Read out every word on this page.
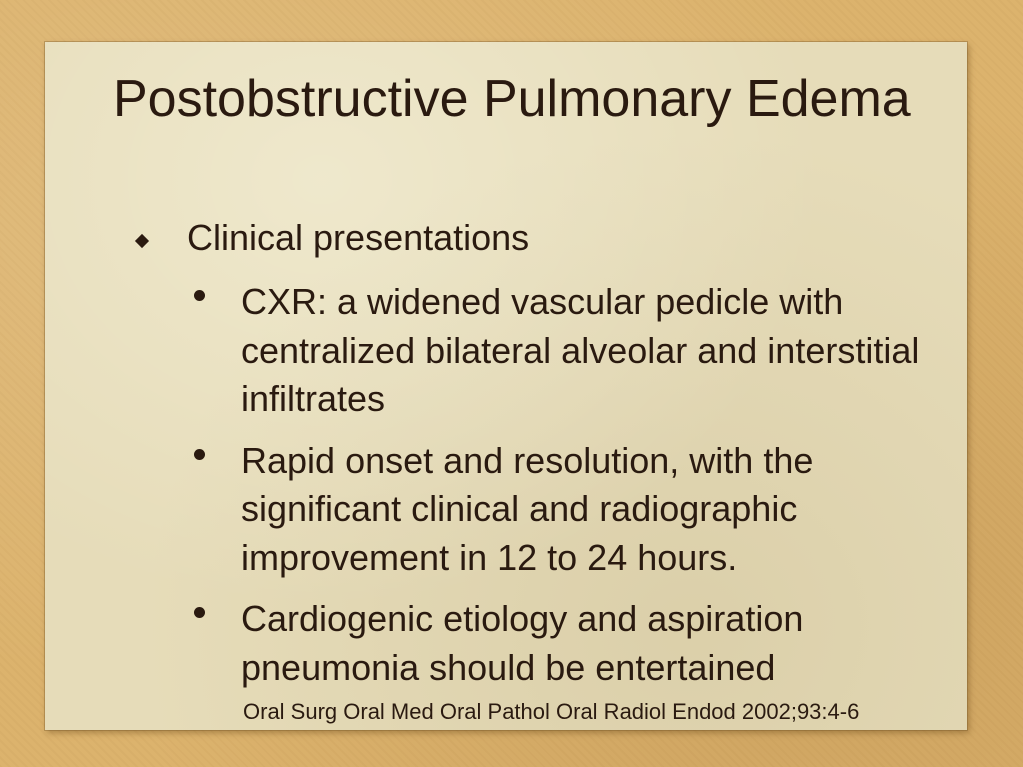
Postobstructive Pulmonary Edema

Clinical presentations

CXR: a widened vascular pedicle with centralized bilateral alveolar and interstitial infiltrates
Rapid onset and resolution, with the significant clinical and radiographic improvement in 12 to 24 hours.
Cardiogenic etiology and aspiration pneumonia should be entertained

Oral Surg Oral Med Oral Pathol Oral Radiol Endod 2002;93:4-6
